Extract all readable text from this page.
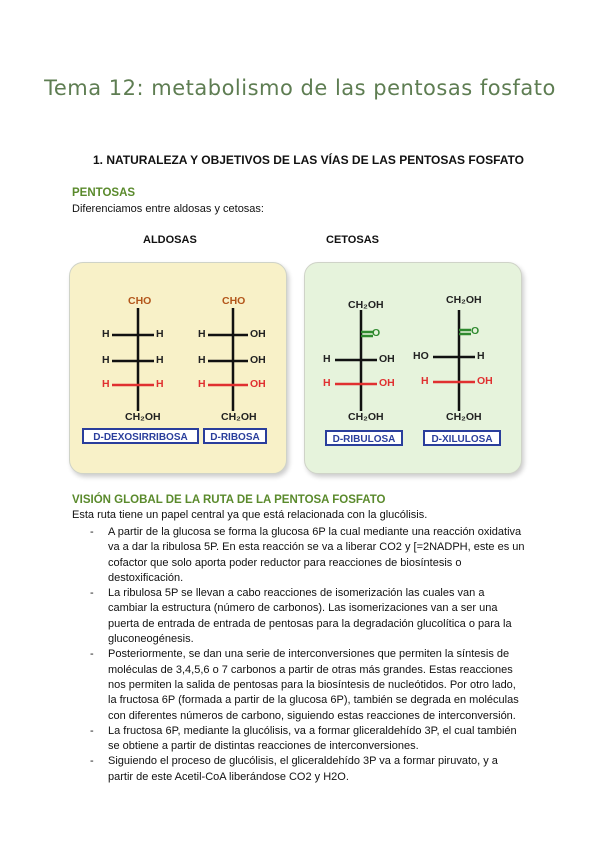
Tema 12: metabolismo de las pentosas fosfato
1. NATURALEZA Y OBJETIVOS DE LAS VÍAS DE LAS PENTOSAS FOSFATO
PENTOSAS
Diferenciamos entre aldosas y cetosas:
ALDOSAS	CETOSAS
CHO
H	H
H	H
H	H
CH₂OH
CHO
H	OH
H	OH
H	OH
CH₂OH
D-DEXOSIRRIBOSA	D-RIBOSA
CH₂OH
O
H	OH
H	OH
CH₂OH
CH₂OH
O
HO	H
H	OH
CH₂OH
D-RIBULOSA	D-XILULOSA
VISIÓN GLOBAL DE LA RUTA DE LA PENTOSA FOSFATO
Esta ruta tiene un papel central ya que está relacionada con la glucólisis.
- A partir de la glucosa se forma la glucosa 6P la cual mediante una reacción oxidativa va a dar la ribulosa 5P. En esta reacción se va a liberar CO2 y [=2NADPH, este es un cofactor que solo aporta poder reductor para reacciones de biosíntesis o destoxificación.
- La ribulosa 5P se llevan a cabo reacciones de isomerización las cuales van a cambiar la estructura (número de carbonos). Las isomerizaciones van a ser una puerta de entrada de entrada de pentosas para la degradación glucolítica o para la gluconeogénesis.
- Posteriormente, se dan una serie de interconversiones que permiten la síntesis de moléculas de 3,4,5,6 o 7 carbonos a partir de otras más grandes. Estas reacciones nos permiten la salida de pentosas para la biosíntesis de nucleótidos. Por otro lado, la fructosa 6P (formada a partir de la glucosa 6P), también se degrada en moléculas con diferentes números de carbono, siguiendo estas reacciones de interconversión.
- La fructosa 6P, mediante la glucólisis, va a formar gliceraldehído 3P, el cual también se obtiene a partir de distintas reacciones de interconversiones.
- Siguiendo el proceso de glucólisis, el gliceraldehído 3P va a formar piruvato, y a partir de este Acetil-CoA liberándose CO2 y H2O.
